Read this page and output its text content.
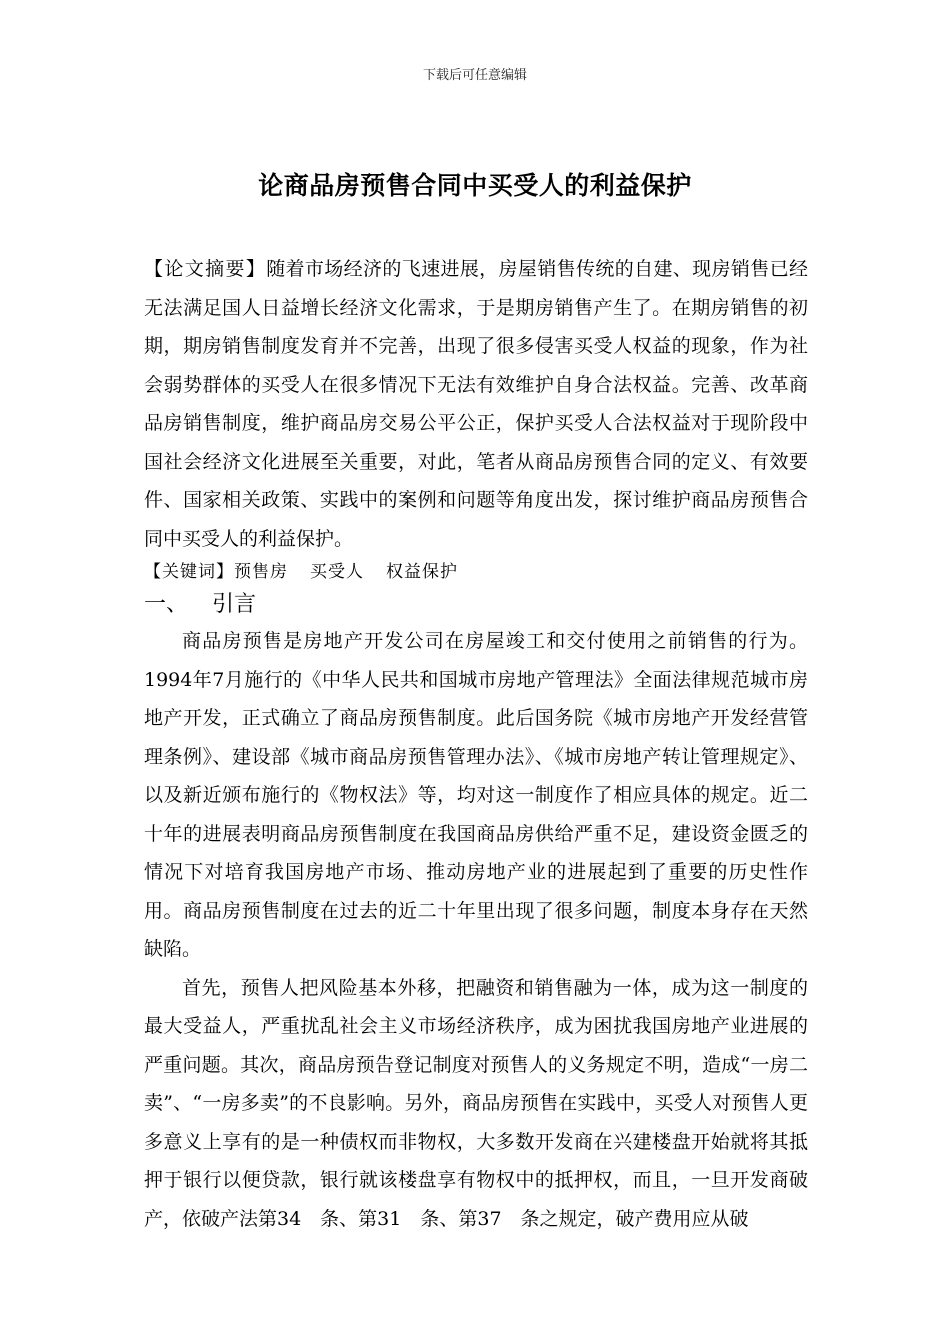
下载后可任意编辑
论商品房预售合同中买受人的利益保护

【论文摘要】随着市场经济的飞速进展，房屋销售传统的自建、现房销售已经无法满足国人日益增长经济文化需求，于是期房销售产生了。在期房销售的初期，期房销售制度发育并不完善，出现了很多侵害买受人权益的现象，作为社会弱势群体的买受人在很多情况下无法有效维护自身合法权益。完善、改革商品房销售制度，维护商品房交易公平公正，保护买受人合法权益对于现阶段中国社会经济文化进展至关重要，对此，笔者从商品房预售合同的定义、有效要件、国家相关政策、实践中的案例和问题等角度出发，探讨维护商品房预售合同中买受人的利益保护。

【关键词】预售房 买受人 权益保护
一、 引言

商品房预售是房地产开发公司在房屋竣工和交付使用之前销售的行为。1994年7月施行的《中华人民共和国城市房地产管理法》全面法律规范城市房地产开发，正式确立了商品房预售制度。此后国务院《城市房地产开发经营管理条例》、建设部《城市商品房预售管理办法》、《城市房地产转让管理规定》、以及新近颁布施行的《物权法》等，均对这一制度作了相应具体的规定。近二十年的进展表明商品房预售制度在我国商品房供给严重不足，建设资金匮乏的情况下对培育我国房地产市场、推动房地产业的进展起到了重要的历史性作用。商品房预售制度在过去的近二十年里出现了很多问题，制度本身存在天然缺陷。

首先，预售人把风险基本外移，把融资和销售融为一体，成为这一制度的最大受益人，严重扰乱社会主义市场经济秩序，成为困扰我国房地产业进展的严重问题。其次，商品房预告登记制度对预售人的义务规定不明，造成“一房二卖”、“一房多卖”的不良影响。另外，商品房预售在实践中，买受人对预售人更多意义上享有的是一种债权而非物权，大多数开发商在兴建楼盘开始就将其抵押于银行以便贷款，银行就该楼盘享有物权中的抵押权，而且，一旦开发商破产，依破产法第34　条、第31　条、第37　条之规定，破产费用应从破
